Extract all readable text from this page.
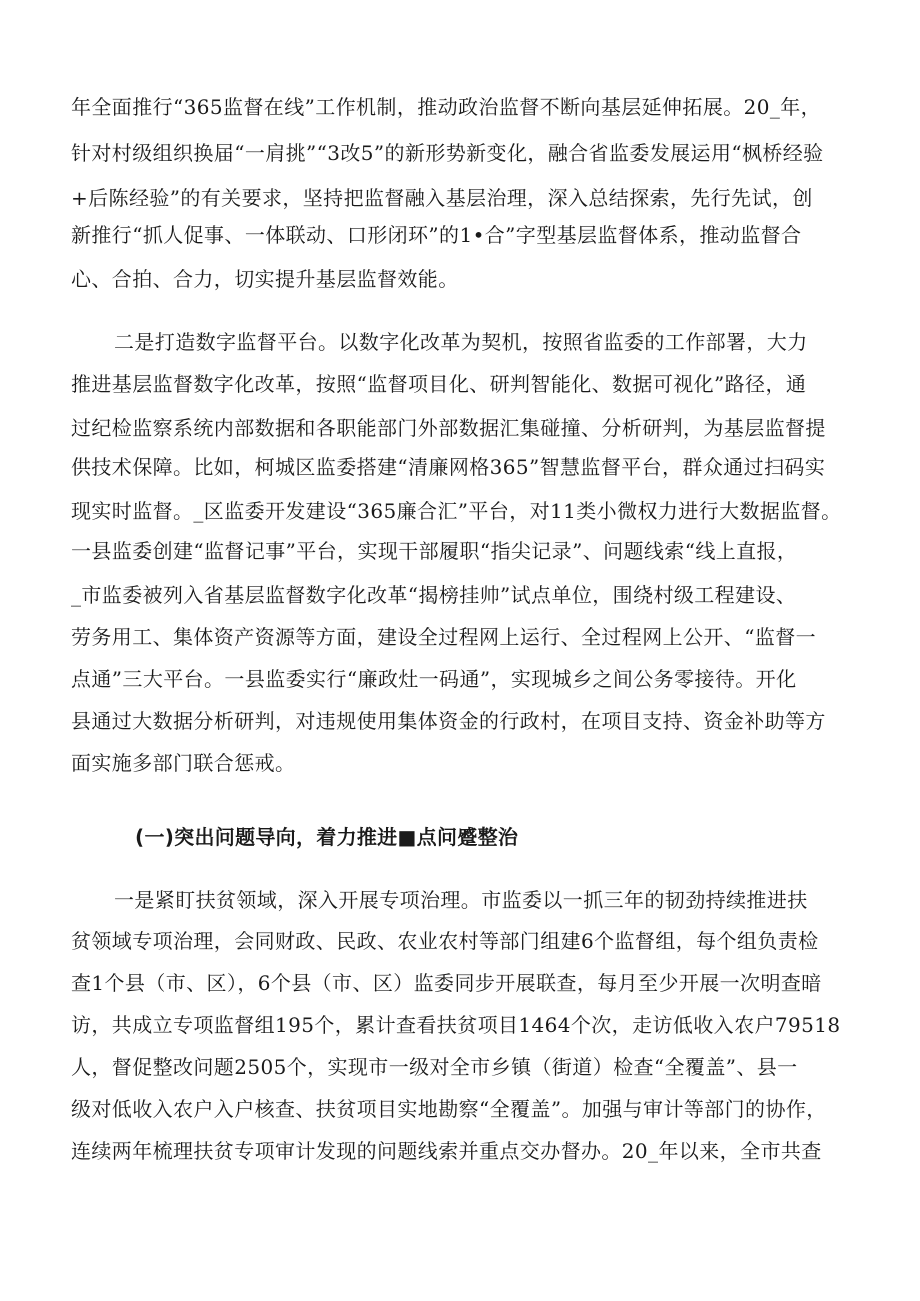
年全面推行“365监督在线”工作机制，推动政治监督不断向基层延伸拓展。20_年，
针对村级组织换届“一肩挑”“3改5”的新形势新变化，融合省监委发展运用“枫桥经验
+后陈经验”的有关要求，坚持把监督融入基层治理，深入总结探索，先行先试，创
新推行“抓人促事、一体联动、口形闭环”的1•合”字型基层监督体系，推动监督合
心、合拍、合力，切实提升基层监督效能。
二是打造数字监督平台。以数字化改革为契机，按照省监委的工作部署，大力
推进基层监督数字化改革，按照“监督项目化、研判智能化、数据可视化”路径，通
过纪检监察系统内部数据和各职能部门外部数据汇集碰撞、分析研判，为基层监督提
供技术保障。比如，柯城区监委搭建“清廉网格365”智慧监督平台，群众通过扫码实
现实时监督。_区监委开发建设“365廉合汇”平台，对11类小微权力进行大数据监督。
一县监委创建“监督记事”平台，实现干部履职“指尖记录”、问题线索“线上直报，
_市监委被列入省基层监督数字化改革“揭榜挂帅”试点单位，围绕村级工程建设、
劳务用工、集体资产资源等方面，建设全过程网上运行、全过程网上公开、“监督一
点通”三大平台。一县监委实行“廉政灶一码通”，实现城乡之间公务零接待。开化
县通过大数据分析研判，对违规使用集体资金的行政村，在项目支持、资金补助等方
面实施多部门联合惩戒。
(一)突出问题导向，着力推进■点问蹙整治
一是紧盯扶贫领域，深入开展专项治理。市监委以一抓三年的韧劲持续推进扶
贫领域专项治理，会同财政、民政、农业农村等部门组建6个监督组，每个组负责检
查1个县（市、区），6个县（市、区）监委同步开展联查，每月至少开展一次明查暗
访，共成立专项监督组195个，累计查看扶贫项目1464个次，走访低收入农户79518
人，督促整改问题2505个，实现市一级对全市乡镇（街道）检查“全覆盖”、县一
级对低收入农户入户核查、扶贫项目实地勘察“全覆盖”。加强与审计等部门的协作，
连续两年梳理扶贫专项审计发现的问题线索并重点交办督办。20_年以来，全市共查
